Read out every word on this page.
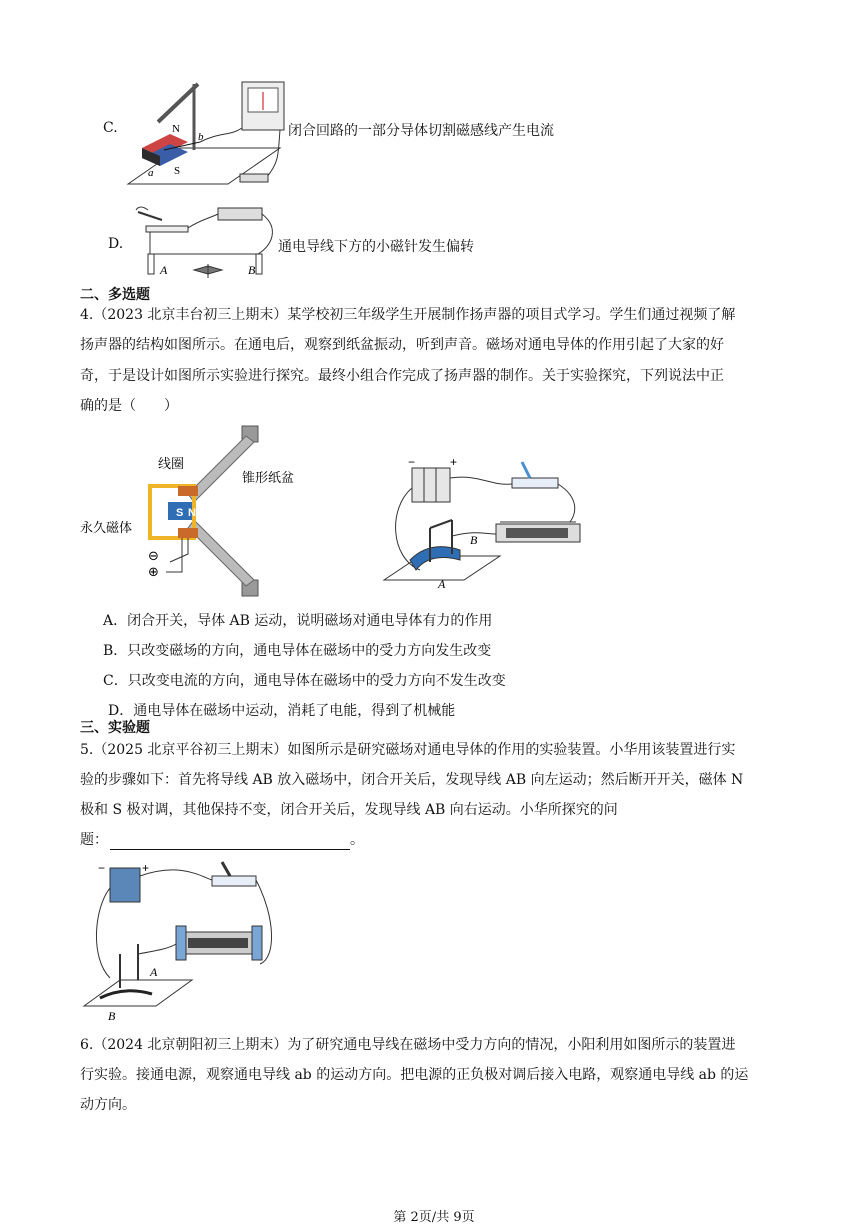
C.	N
S
a
b	闭合回路的一部分导体切割磁感线产生电流
D.
A	B
通电导线下方的小磁针发生偏转
二、多选题
4.（2023 北京丰台初三上期末）某学校初三年级学生开展制作扬声器的项目式学习。学生们通过视频了解
扬声器的结构如图所示。在通电后，观察到纸盆振动，听到声音。磁场对通电导体的作用引起了大家的好
奇，于是设计如图所示实验进行探究。最终小组合作完成了扬声器的制作。关于实验探究，下列说法中正
确的是（　　）
S N
线圈
锥形纸盆
永久磁体
⊖
⊕
−	+
A
B
A．闭合开关，导体 AB 运动，说明磁场对通电导体有力的作用
B．只改变磁场的方向，通电导体在磁场中的受力方向发生改变
C．只改变电流的方向，通电导体在磁场中的受力方向不发生改变
D．通电导体在磁场中运动，消耗了电能，得到了机械能
三、实验题
5.（2025 北京平谷初三上期末）如图所示是研究磁场对通电导体的作用的实验装置。小华用该装置进行实
验的步骤如下：首先将导线 AB 放入磁场中，闭合开关后，发现导线 AB 向左运动；然后断开开关，磁体 N
极和 S 极对调，其他保持不变，闭合开关后，发现导线 AB 向右运动。小华所探究的问
题：	。
−	+
A
B
6.（2024 北京朝阳初三上期末）为了研究通电导线在磁场中受力方向的情况，小阳利用如图所示的装置进
行实验。接通电源，观察通电导线 ab 的运动方向。把电源的正负极对调后接入电路，观察通电导线 ab 的运
动方向。
第 2页/共 9页
